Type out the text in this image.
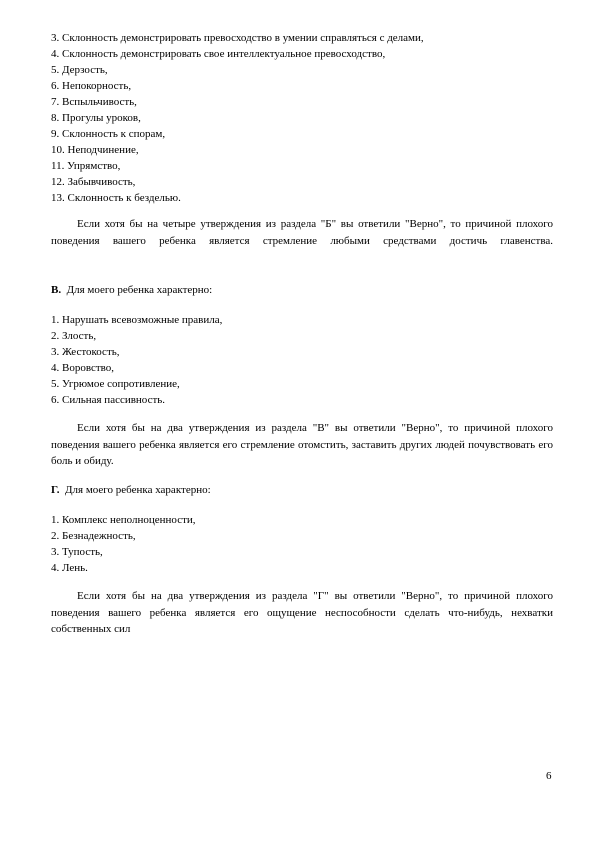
3. Склонность демонстрировать превосходство в умении справляться с делами,
4. Склонность демонстрировать свое интеллектуальное превосходство,
5. Дерзость,
6. Непокорность,
7. Вспыльчивость,
8. Прогулы уроков,
9. Склонность к спорам,
10. Неподчинение,
11. Упрямство,
12. Забывчивость,
13. Склонность к безделью.

Если хотя бы на четыре утверждения из раздела "Б" вы ответили "Верно", то причиной плохого поведения вашего ребенка является стремление любыми средствами достичь главенства.

В. Для моего ребенка характерно:
1. Нарушать всевозможные правила,
2. Злость,
3. Жестокость,
4. Воровство,
5. Угрюмое сопротивление,
6. Сильная пассивность.

Если хотя бы на два утверждения из раздела "В" вы ответили "Верно", то причиной плохого поведения вашего ребенка является его стремление отомстить, заставить других людей почувствовать его боль и обиду.

Г. Для моего ребенка характерно:
1. Комплекс неполноценности,
2. Безнадежность,
3. Тупость,
4. Лень.

Если хотя бы на два утверждения из раздела "Г" вы ответили "Верно", то причиной плохого поведения вашего ребенка является его ощущение неспособности сделать что-нибудь, нехватки собственных сил

6
